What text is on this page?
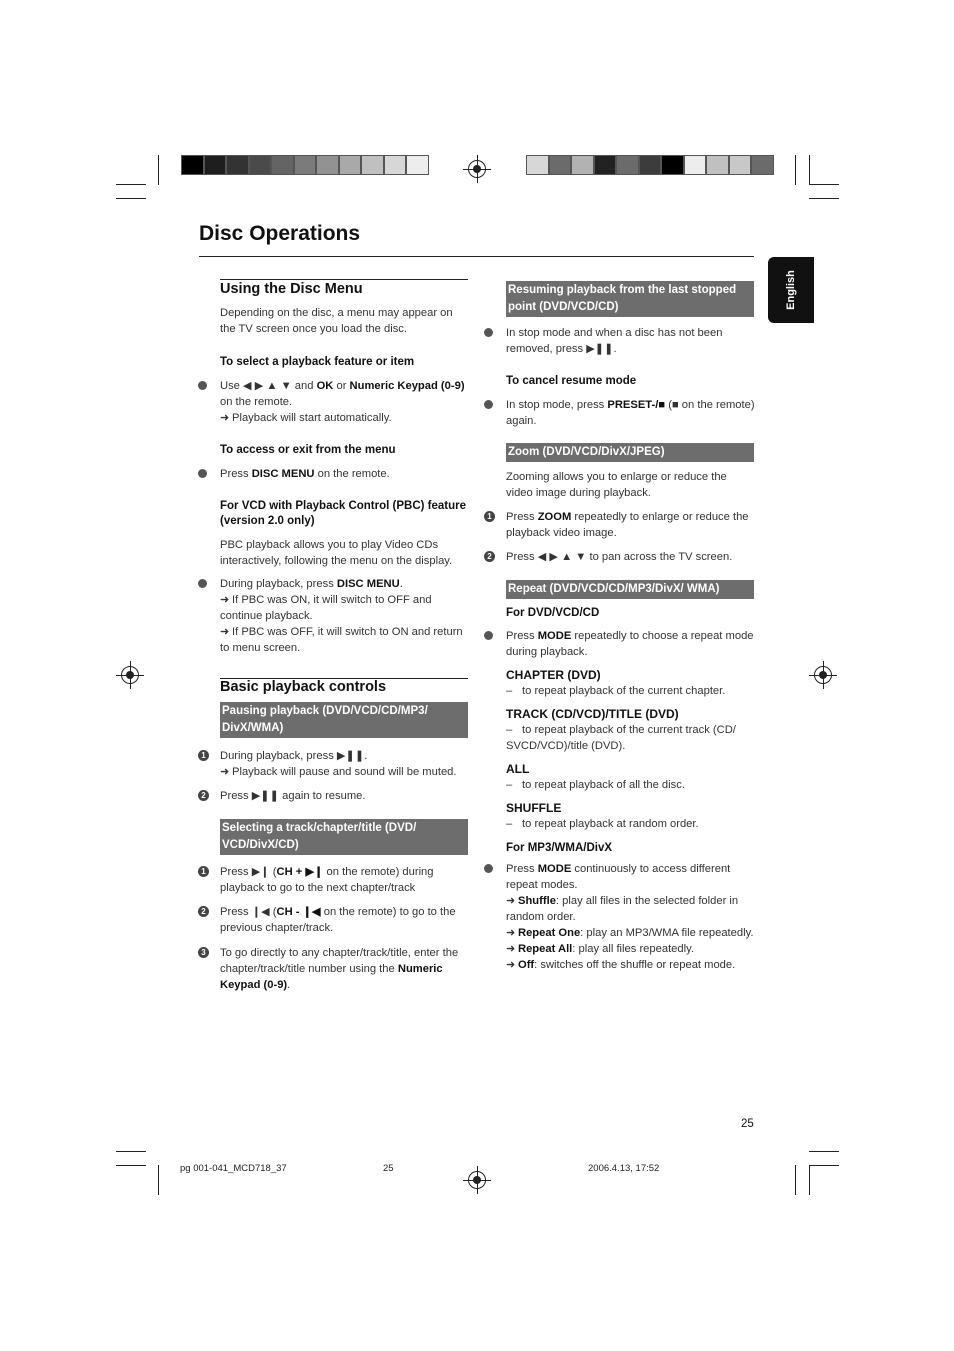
Disc Operations
English

Using the Disc Menu

Depending on the disc, a menu may appear on the TV screen once you load the disc.

To select a playback feature or item

Use ◀ ▶ ▲ ▼ and OK or Numeric Keypad (0-9) on the remote.
➜ Playback will start automatically.

To access or exit from the menu

Press DISC MENU on the remote.

For VCD with Playback Control (PBC) feature (version 2.0 only)

PBC playback allows you to play Video CDs interactively, following the menu on the display.

During playback, press DISC MENU.
➜ If PBC was ON, it will switch to OFF and continue playback.
➜ If PBC was OFF, it will switch to ON and return to menu screen.

Basic playback controls

Pausing playback (DVD/VCD/CD/MP3/ DivX/WMA)
1 During playback, press ▶❚❚.
➜ Playback will pause and sound will be muted.
2 Press ▶❚❚ again to resume.
Selecting a track/chapter/title (DVD/ VCD/DivX/CD)
1 Press ▶❙ (CH + ▶❙ on the remote) during playback to go to the next chapter/track
2 Press ❙◀ (CH - ❙◀ on the remote) to go to the previous chapter/track.
3 To go directly to any chapter/track/title, enter the chapter/track/title number using the Numeric Keypad (0-9).
Resuming playback from the last stopped point (DVD/VCD/CD)
In stop mode and when a disc has not been removed, press ▶❚❚.

To cancel resume mode

In stop mode, press PRESET-/■ (■ on the remote) again.
Zoom (DVD/VCD/DivX/JPEG)

Zooming allows you to enlarge or reduce the video image during playback.

1 Press ZOOM repeatedly to enlarge or reduce the playback video image.
2 Press ◀ ▶ ▲ ▼ to pan across the TV screen.
Repeat (DVD/VCD/CD/MP3/DivX/ WMA)

For DVD/VCD/CD

Press MODE repeatedly to choose a repeat mode during playback.

CHAPTER (DVD)

– to repeat playback of the current chapter.

TRACK (CD/VCD)/TITLE (DVD)

– to repeat playback of the current track (CD/ SVCD/VCD)/title (DVD).

ALL

– to repeat playback of all the disc.

SHUFFLE

– to repeat playback at random order.

For MP3/WMA/DivX

Press MODE continuously to access different repeat modes.
➜ Shuffle: play all files in the selected folder in random order.
➜ Repeat One: play an MP3/WMA file repeatedly.
➜ Repeat All: play all files repeatedly.
➜ Off: switches off the shuffle or repeat mode.
25
pg 001-041_MCD718_37	25	2006.4.13, 17:52
